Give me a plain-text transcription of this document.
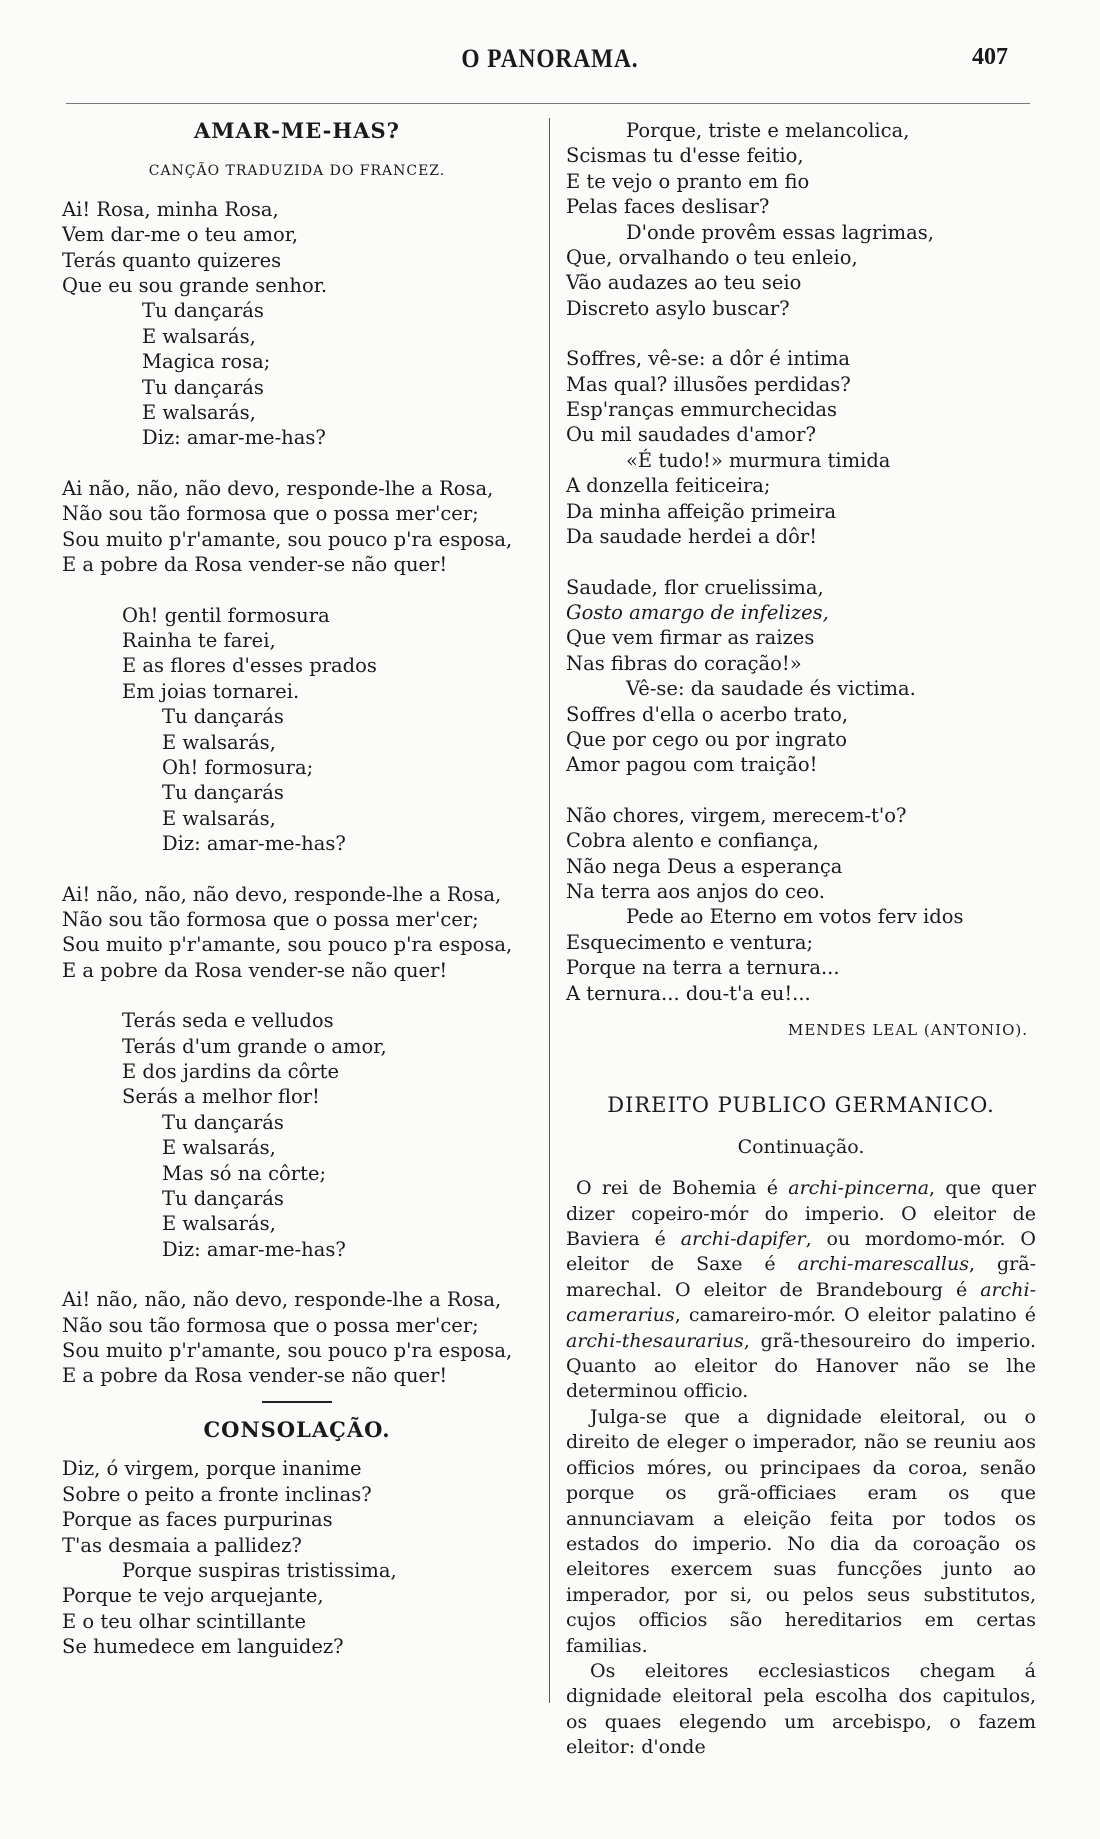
O PANORAMA.	407
AMAR-ME-HAS?
CANÇÃO TRADUZIDA DO FRANCEZ.

Ai! Rosa, minha Rosa,

Vem dar-me o teu amor,

Terás quanto quizeres

Que eu sou grande senhor.

Tu dançarás

E walsarás,

Magica rosa;

Tu dançarás

E walsarás,

Diz: amar-me-has?

Ai não, não, não devo, responde-lhe a Rosa,

Não sou tão formosa que o possa mer'cer;

Sou muito p'r'amante, sou pouco p'ra esposa,

E a pobre da Rosa vender-se não quer!

Oh! gentil formosura

Rainha te farei,

E as flores d'esses prados

Em joias tornarei.

Tu dançarás

E walsarás,

Oh! formosura;

Tu dançarás

E walsarás,

Diz: amar-me-has?

Ai! não, não, não devo, responde-lhe a Rosa,

Não sou tão formosa que o possa mer'cer;

Sou muito p'r'amante, sou pouco p'ra esposa,

E a pobre da Rosa vender-se não quer!

Terás seda e velludos

Terás d'um grande o amor,

E dos jardins da côrte

Serás a melhor flor!

Tu dançarás

E walsarás,

Mas só na côrte;

Tu dançarás

E walsarás,

Diz: amar-me-has?

Ai! não, não, não devo, responde-lhe a Rosa,

Não sou tão formosa que o possa mer'cer;

Sou muito p'r'amante, sou pouco p'ra esposa,

E a pobre da Rosa vender-se não quer!

CONSOLAÇÃO.

Diz, ó virgem, porque inanime

Sobre o peito a fronte inclinas?

Porque as faces purpurinas

T'as desmaia a pallidez?

Porque suspiras tristissima,

Porque te vejo arquejante,

E o teu olhar scintillante

Se humedece em languidez?

Porque, triste e melancolica,

Scismas tu d'esse feitio,

E te vejo o pranto em fio

Pelas faces deslisar?

D'onde provêm essas lagrimas,

Que, orvalhando o teu enleio,

Vão audazes ao teu seio

Discreto asylo buscar?

Soffres, vê-se: a dôr é intima

Mas qual? illusões perdidas?

Esp'ranças emmurchecidas

Ou mil saudades d'amor?

«É tudo!» murmura timida

A donzella feiticeira;

Da minha affeição primeira

Da saudade herdei a dôr!

Saudade, flor cruelissima,

Gosto amargo de infelizes,

Que vem firmar as raizes

Nas fibras do coração!»

Vê-se: da saudade és victima.

Soffres d'ella o acerbo trato,

Que por cego ou por ingrato

Amor pagou com traição!

Não chores, virgem, merecem-t'o?

Cobra alento e confiança,

Não nega Deus a esperança

Na terra aos anjos do ceo.

Pede ao Eterno em votos ferv idos

Esquecimento e ventura;

Porque na terra a ternura...

A ternura... dou-t'a eu!...

MENDES LEAL (ANTONIO).
DIREITO PUBLICO GERMANICO.
Continuação.

O rei de Bohemia é archi-pincerna, que quer dizer copeiro-mór do imperio. O eleitor de Baviera é archi-dapifer, ou mordomo-mór. O eleitor de Saxe é archi-marescallus, grã-marechal. O eleitor de Brandebourg é archi-camerarius, camareiro-mór. O eleitor palatino é archi-thesaurarius, grã-thesoureiro do imperio. Quanto ao eleitor do Hanover não se lhe determinou officio.

Julga-se que a dignidade eleitoral, ou o direito de eleger o imperador, não se reuniu aos officios móres, ou principaes da coroa, senão porque os grã-officiaes eram os que annunciavam a eleição feita por todos os estados do imperio. No dia da coroação os eleitores exercem suas funcções junto ao imperador, por si, ou pelos seus substitutos, cujos officios são hereditarios em certas familias.

Os eleitores ecclesiasticos chegam á dignidade eleitoral pela escolha dos capitulos, os quaes elegendo um arcebispo, o fazem eleitor: d'onde
